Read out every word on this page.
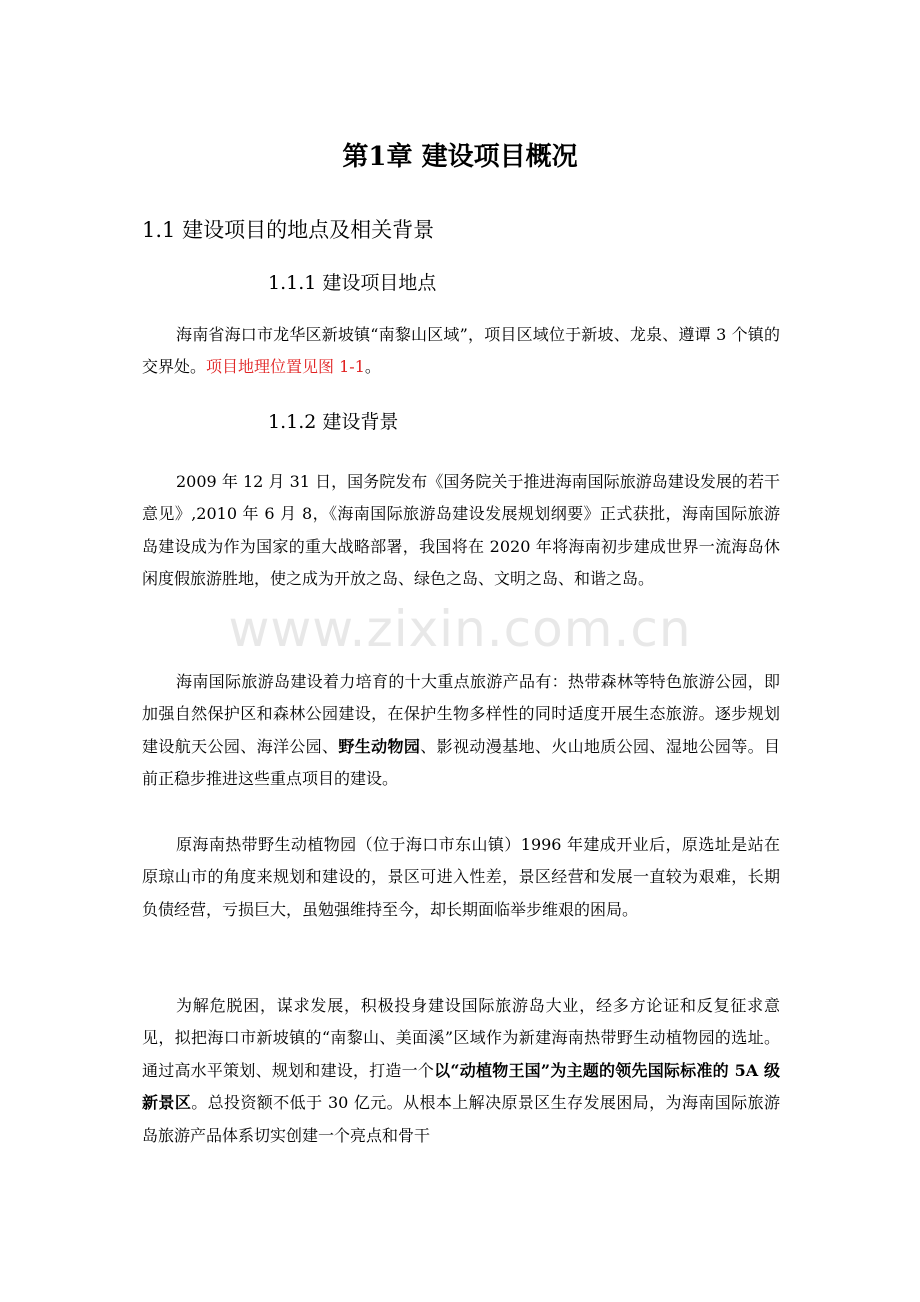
www.zixin.com.cn
第1章 建设项目概况
1.1 建设项目的地点及相关背景
1.1.1 建设项目地点

海南省海口市龙华区新坡镇“南黎山区域”，项目区域位于新坡、龙泉、遵谭 3 个镇的交界处。项目地理位置见图 1-1。

1.1.2 建设背景

2009 年 12 月 31 日，国务院发布《国务院关于推进海南国际旅游岛建设发展的若干意见》,2010 年 6 月 8，《海南国际旅游岛建设发展规划纲要》正式获批，海南国际旅游岛建设成为作为国家的重大战略部署，我国将在 2020 年将海南初步建成世界一流海岛休闲度假旅游胜地，使之成为开放之岛、绿色之岛、文明之岛、和谐之岛。

海南国际旅游岛建设着力培育的十大重点旅游产品有：热带森林等特色旅游公园，即加强自然保护区和森林公园建设，在保护生物多样性的同时适度开展生态旅游。逐步规划建设航天公园、海洋公园、野生动物园、影视动漫基地、火山地质公园、湿地公园等。目前正稳步推进这些重点项目的建设。

原海南热带野生动植物园（位于海口市东山镇）1996 年建成开业后，原选址是站在原琼山市的角度来规划和建设的，景区可进入性差，景区经营和发展一直较为艰难，长期负债经营，亏损巨大，虽勉强维持至今，却长期面临举步维艰的困局。

为解危脱困，谋求发展，积极投身建设国际旅游岛大业，经多方论证和反复征求意见，拟把海口市新坡镇的“南黎山、美面溪”区域作为新建海南热带野生动植物园的选址。通过高水平策划、规划和建设，打造一个以“动植物王国”为主题的领先国际标准的 5A 级新景区。总投资额不低于 30 亿元。从根本上解决原景区生存发展困局，为海南国际旅游岛旅游产品体系切实创建一个亮点和骨干
